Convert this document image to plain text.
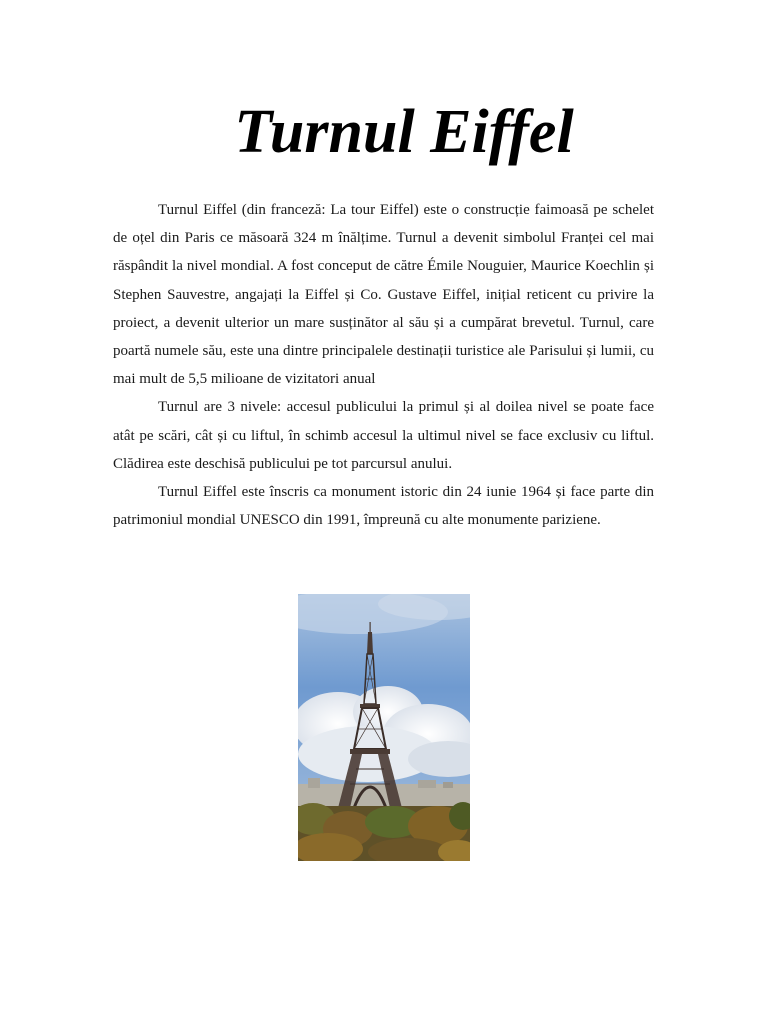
Turnul Eiffel

Turnul Eiffel (din franceză: La tour Eiffel) este o construcție faimoasă pe schelet de oțel din Paris ce măsoară 324 m înălțime. Turnul a devenit simbolul Franței cel mai răspândit la nivel mondial. A fost conceput de către Émile Nouguier, Maurice Koechlin și Stephen Sauvestre, angajați la Eiffel și Co. Gustave Eiffel, inițial reticent cu privire la proiect, a devenit ulterior un mare susținător al său și a cumpărat brevetul. Turnul, care poartă numele său, este una dintre principalele destinații turistice ale Parisului și lumii, cu mai mult de 5,5 milioane de vizitatori anual

Turnul are 3 nivele: accesul publicului la primul și al doilea nivel se poate face atât pe scări, cât și cu liftul, în schimb accesul la ultimul nivel se face exclusiv cu liftul. Clădirea este deschisă publicului pe tot parcursul anului.

Turnul Eiffel este înscris ca monument istoric din 24 iunie 1964 și face parte din patrimoniul mondial UNESCO din 1991, împreună cu alte monumente pariziene.
